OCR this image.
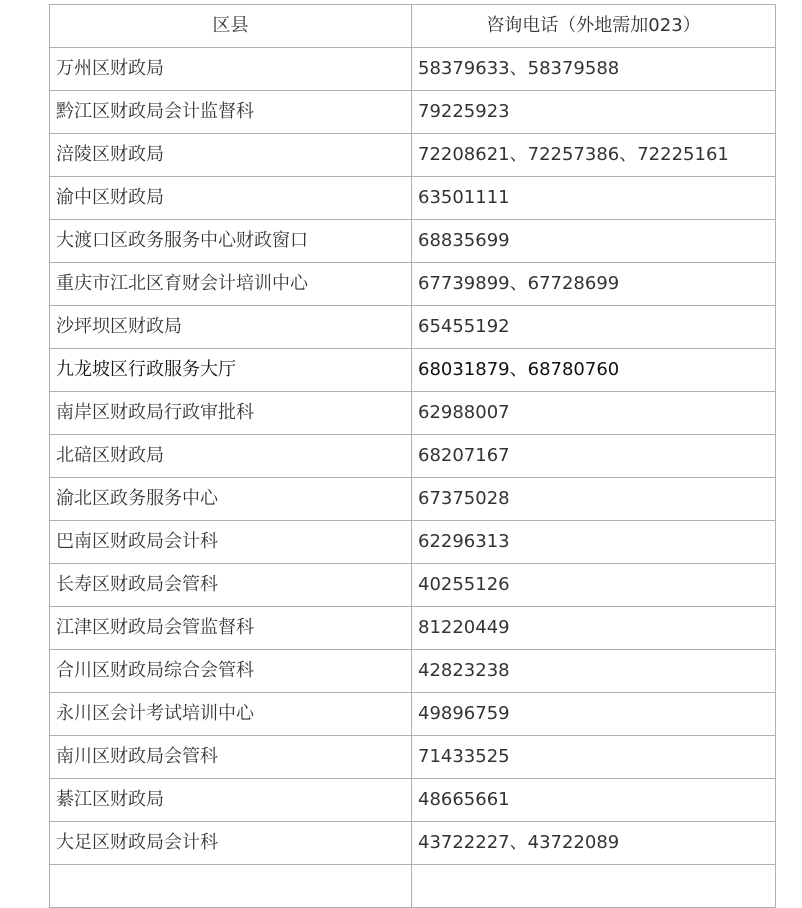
区县	咨询电话（外地需加023）
万州区财政局	58379633、58379588
黔江区财政局会计监督科	79225923
涪陵区财政局	72208621、72257386、72225161
渝中区财政局	63501111
大渡口区政务服务中心财政窗口	68835699
重庆市江北区育财会计培训中心	67739899、67728699
沙坪坝区财政局	65455192
九龙坡区行政服务大厅	68031879、68780760
南岸区财政局行政审批科	62988007
北碚区财政局	68207167
渝北区政务服务中心	67375028
巴南区财政局会计科	62296313
长寿区财政局会管科	40255126
江津区财政局会管监督科	81220449
合川区财政局综合会管科	42823238
永川区会计考试培训中心	49896759
南川区财政局会管科	71433525
綦江区财政局	48665661
大足区财政局会计科	43722227、43722089
